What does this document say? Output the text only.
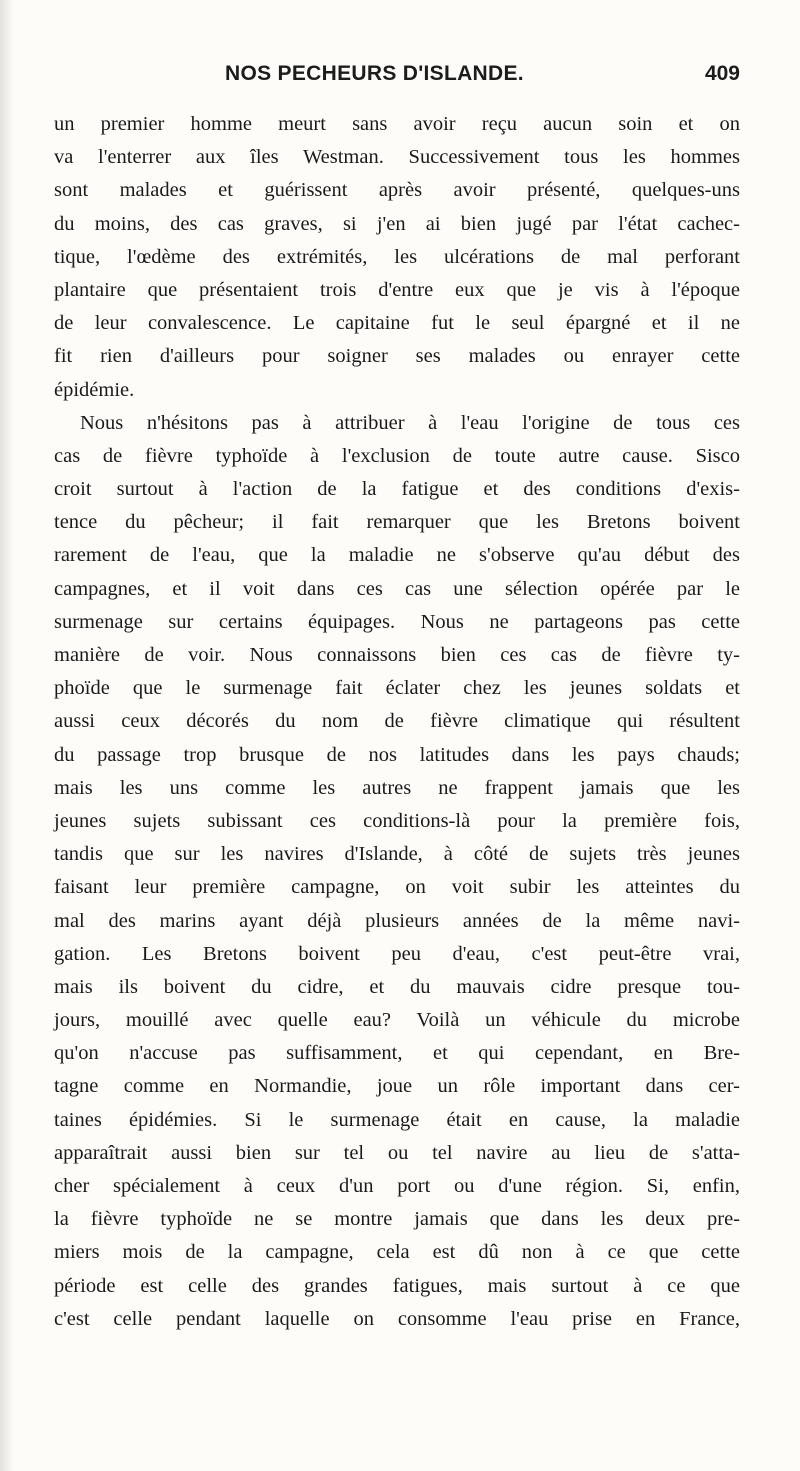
NOS PECHEURS D'ISLANDE.	409
un premier homme meurt sans avoir reçu aucun soin et on
va l'enterrer aux îles Westman. Successivement tous les hommes
sont malades et guérissent après avoir présenté, quelques-uns
du moins, des cas graves, si j'en ai bien jugé par l'état cachec-
tique, l'œdème des extrémités, les ulcérations de mal perforant
plantaire que présentaient trois d'entre eux que je vis à l'époque
de leur convalescence. Le capitaine fut le seul épargné et il ne
fit rien d'ailleurs pour soigner ses malades ou enrayer cette
épidémie.
Nous n'hésitons pas à attribuer à l'eau l'origine de tous ces
cas de fièvre typhoïde à l'exclusion de toute autre cause. Sisco
croit surtout à l'action de la fatigue et des conditions d'exis-
tence du pêcheur; il fait remarquer que les Bretons boivent
rarement de l'eau, que la maladie ne s'observe qu'au début des
campagnes, et il voit dans ces cas une sélection opérée par le
surmenage sur certains équipages. Nous ne partageons pas cette
manière de voir. Nous connaissons bien ces cas de fièvre ty-
phoïde que le surmenage fait éclater chez les jeunes soldats et
aussi ceux décorés du nom de fièvre climatique qui résultent
du passage trop brusque de nos latitudes dans les pays chauds;
mais les uns comme les autres ne frappent jamais que les
jeunes sujets subissant ces conditions-là pour la première fois,
tandis que sur les navires d'Islande, à côté de sujets très jeunes
faisant leur première campagne, on voit subir les atteintes du
mal des marins ayant déjà plusieurs années de la même navi-
gation. Les Bretons boivent peu d'eau, c'est peut-être vrai,
mais ils boivent du cidre, et du mauvais cidre presque tou-
jours, mouillé avec quelle eau? Voilà un véhicule du microbe
qu'on n'accuse pas suffisamment, et qui cependant, en Bre-
tagne comme en Normandie, joue un rôle important dans cer-
taines épidémies. Si le surmenage était en cause, la maladie
apparaîtrait aussi bien sur tel ou tel navire au lieu de s'atta-
cher spécialement à ceux d'un port ou d'une région. Si, enfin,
la fièvre typhoïde ne se montre jamais que dans les deux pre-
miers mois de la campagne, cela est dû non à ce que cette
période est celle des grandes fatigues, mais surtout à ce que
c'est celle pendant laquelle on consomme l'eau prise en France,
